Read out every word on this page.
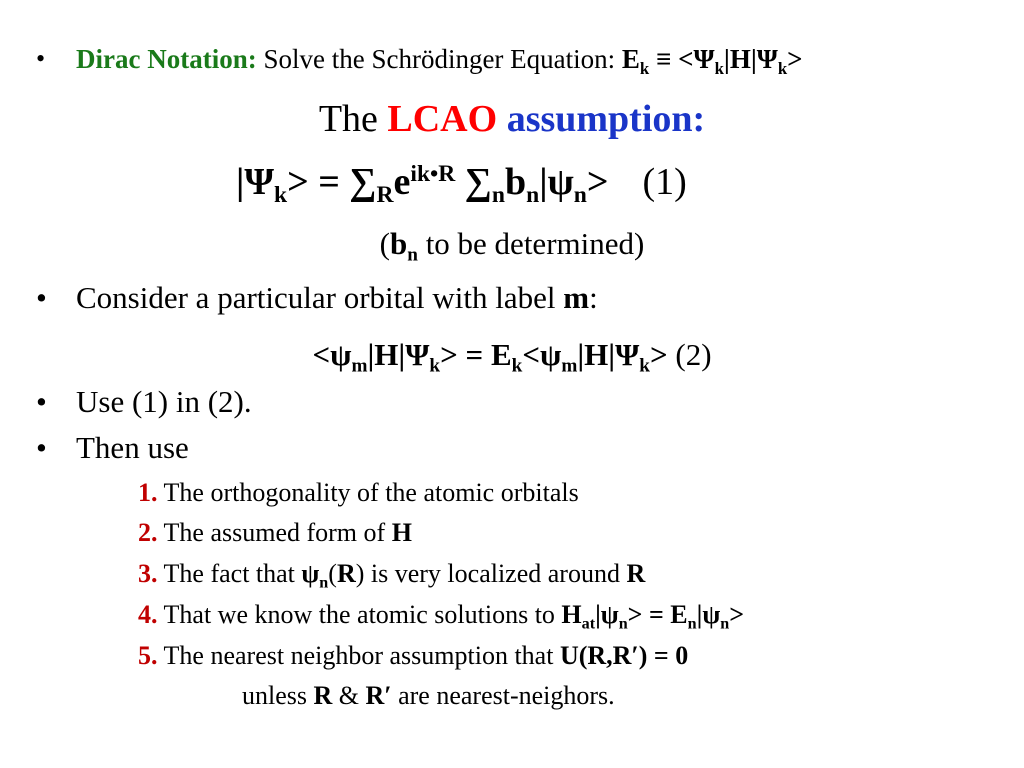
• Dirac Notation: Solve the Schrödinger Equation: $E_k \equiv <\Psi_k|H|\Psi_k>$
The LCAO assumption:
$|\Psi_k> = \sum_Re^{ik•R}$ $\sum_nb_n|\psi_n> (1)$
($b_n$ to be determined)
• Consider a particular orbital with label m:
$<\psi_m|H|\Psi_k> = E_k<\psi_m|H|\Psi_k> (2)$
• Use (1) in (2).
• Then use
1. The orthogonality of the atomic orbitals
2. The assumed form of H
3. The fact that $\psi_n(R)$ is very localized around R
4. That we know the atomic solutions to $H_{at}|\psi_n> = E_n|\psi_n>$
5. The nearest neighbor assumption that U(R,R′) = 0
unless R & R′ are nearest-neighors.
